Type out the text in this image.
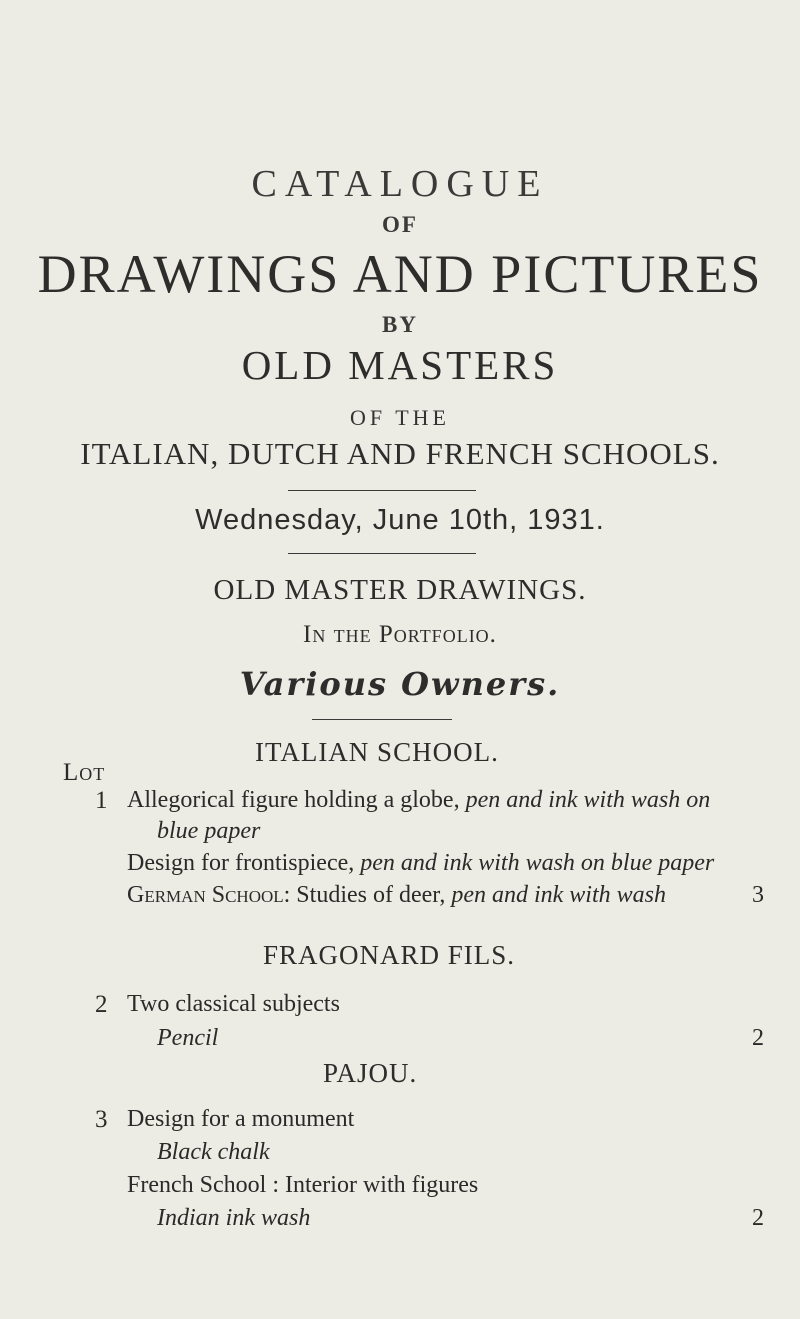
CATALOGUE
OF
DRAWINGS AND PICTURES
BY
OLD MASTERS
OF THE
ITALIAN, DUTCH AND FRENCH SCHOOLS.
Wednesday, June 10th, 1931.
OLD MASTER DRAWINGS.
In the Portfolio.
Various Owners.
ITALIAN SCHOOL.
Lot
1 Allegorical figure holding a globe, pen and ink with wash on
blue paper
Design for frontispiece, pen and ink with wash on blue paper
German School: Studies of deer, pen and ink with wash	3
FRAGONARD FILS.
2 Two classical subjects
Pencil	2
PAJOU.
3 Design for a monument
Black chalk
French School : Interior with figures
Indian ink wash	2
